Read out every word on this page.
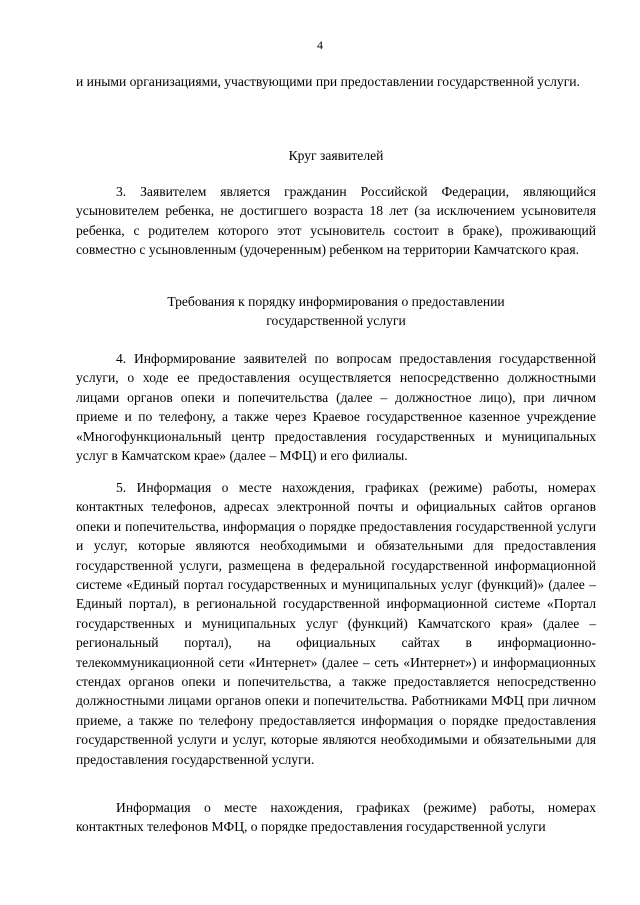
4

и иными организациями, участвующими при предоставлении государственной услуги.

Круг заявителей

3. Заявителем является гражданин Российской Федерации, являющийся усыновителем ребенка, не достигшего возраста 18 лет (за исключением усыновителя ребенка, с родителем которого этот усыновитель состоит в браке), проживающий совместно с усыновленным (удочеренным) ребенком на территории Камчатского края.

Требования к порядку информирования о предоставлении

государственной услуги

4. Информирование заявителей по вопросам предоставления государственной услуги, о ходе ее предоставления осуществляется непосредственно должностными лицами органов опеки и попечительства (далее – должностное лицо), при личном приеме и по телефону, а также через Краевое государственное казенное учреждение «Многофункциональный центр предоставления государственных и муниципальных услуг в Камчатском крае» (далее – МФЦ) и его филиалы.

5. Информация о месте нахождения, графиках (режиме) работы, номерах контактных телефонов, адресах электронной почты и официальных сайтов органов опеки и попечительства, информация о порядке предоставления государственной услуги и услуг, которые являются необходимыми и обязательными для предоставления государственной услуги, размещена в федеральной государственной информационной системе «Единый портал государственных и муниципальных услуг (функций)» (далее – Единый портал), в региональной государственной информационной системе «Портал государственных и муниципальных услуг (функций) Камчатского края» (далее – региональный портал), на официальных сайтах в информационно-телекоммуникационной сети «Интернет» (далее – сеть «Интернет») и информационных стендах органов опеки и попечительства, а также предоставляется непосредственно должностными лицами органов опеки и попечительства. Работниками МФЦ при личном приеме, а также по телефону предоставляется информация о порядке предоставления государственной услуги и услуг, которые являются необходимыми и обязательными для предоставления государственной услуги.

Информация о месте нахождения, графиках (режиме) работы, номерах контактных телефонов МФЦ, о порядке предоставления государственной услуги
